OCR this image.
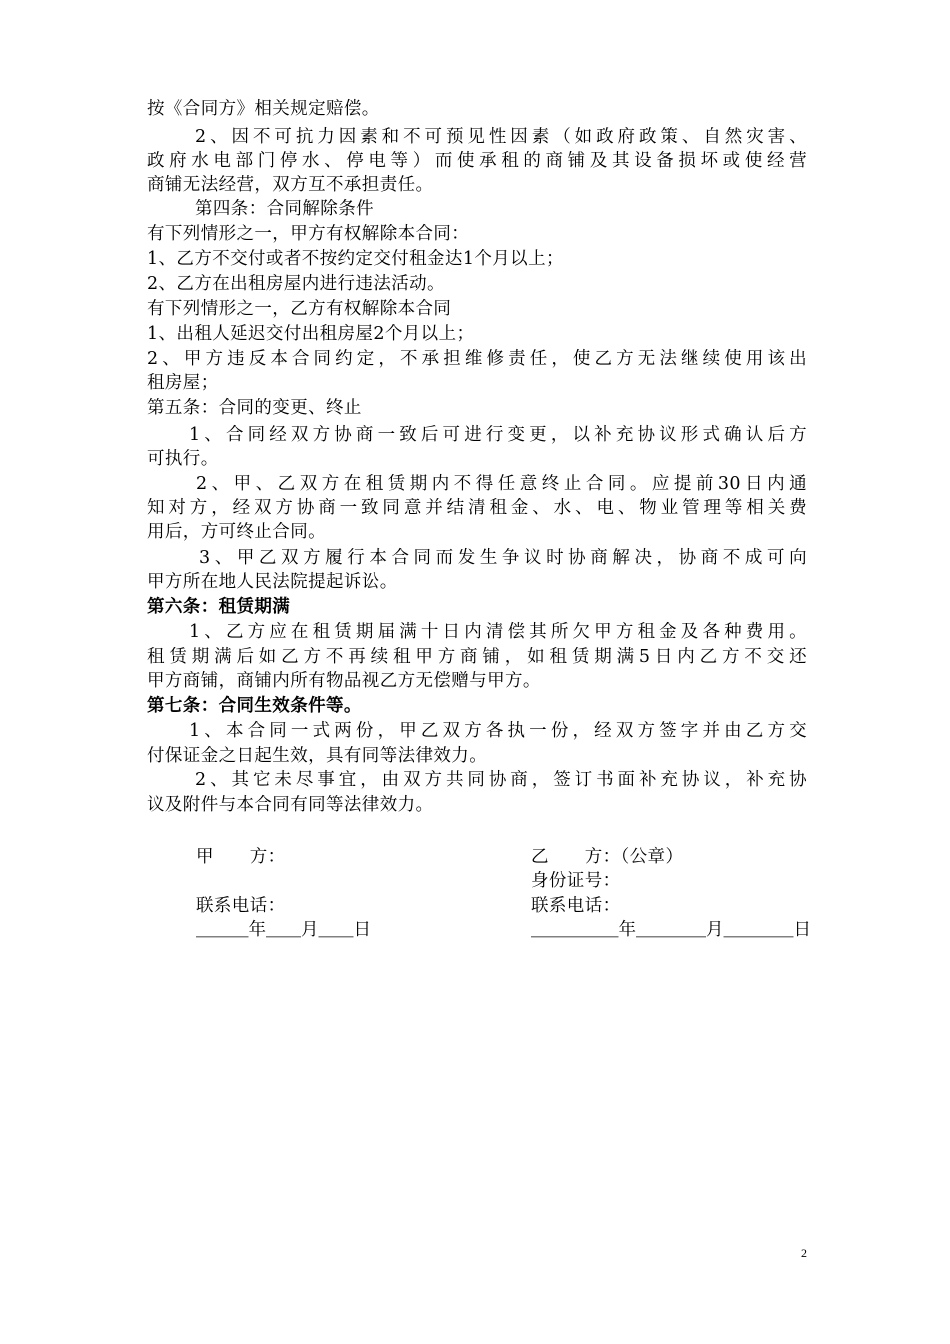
按《合同方》相关规定赔偿。
2、因不可抗力因素和不可预见性因素（如政府政策、自然灾害、
政府水电部门停水、停电等）而使承租的商铺及其设备损坏或使经营
商铺无法经营，双方互不承担责任。
第四条：合同解除条件
有下列情形之一，甲方有权解除本合同：
1、乙方不交付或者不按约定交付租金达1个月以上；
2、乙方在出租房屋内进行违法活动。
有下列情形之一，乙方有权解除本合同
1、出租人延迟交付出租房屋2个月以上；
2、甲方违反本合同约定，不承担维修责任，使乙方无法继续使用该出
租房屋；
第五条：合同的变更、终止
1、合同经双方协商一致后可进行变更，以补充协议形式确认后方
可执行。
2、甲、乙双方在租赁期内不得任意终止合同。应提前30日内通
知对方，经双方协商一致同意并结清租金、水、电、物业管理等相关费
用后，方可终止合同。
3、甲乙双方履行本合同而发生争议时协商解决，协商不成可向
甲方所在地人民法院提起诉讼。
第六条：租赁期满
1、乙方应在租赁期届满十日内清偿其所欠甲方租金及各种费用。
租赁期满后如乙方不再续租甲方商铺，如租赁期满5日内乙方不交还
甲方商铺，商铺内所有物品视乙方无偿赠与甲方。
第七条：合同生效条件等。
1、本合同一式两份，甲乙双方各执一份，经双方签字并由乙方交
付保证金之日起生效，具有同等法律效力。
2、其它未尽事宜，由双方共同协商，签订书面补充协议，补充协
议及附件与本合同有同等法律效力。
甲　　方：
联系电话：
＿＿＿年＿＿月＿＿日
乙　　方：（公章）
身份证号：
联系电话：
＿＿＿＿＿年＿＿＿＿月＿＿＿＿日
2
